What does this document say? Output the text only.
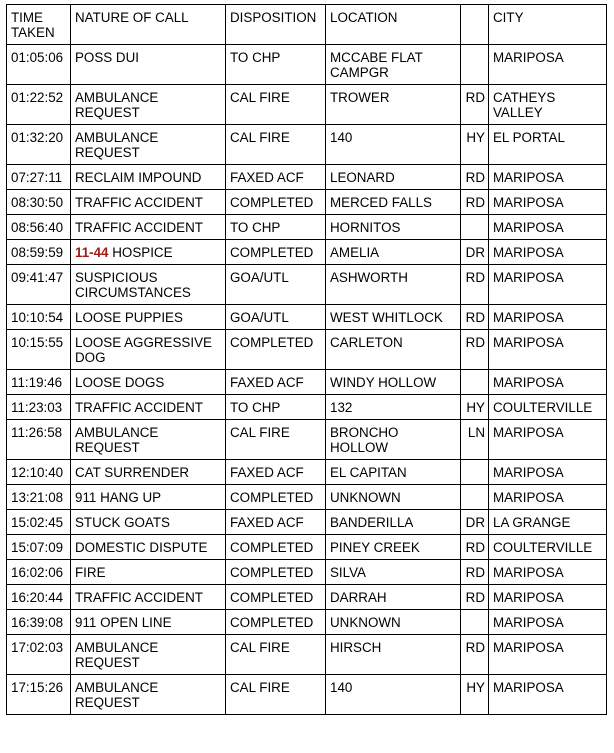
TIME TAKEN	NATURE OF CALL	DISPOSITION	LOCATION		CITY
01:05:06	POSS DUI	TO CHP	MCCABE FLAT CAMPGR		MARIPOSA
01:22:52	AMBULANCE REQUEST	CAL FIRE	TROWER	RD	CATHEYS VALLEY
01:32:20	AMBULANCE REQUEST	CAL FIRE	140	HY	EL PORTAL
07:27:11	RECLAIM IMPOUND	FAXED ACF	LEONARD	RD	MARIPOSA
08:30:50	TRAFFIC ACCIDENT	COMPLETED	MERCED FALLS	RD	MARIPOSA
08:56:40	TRAFFIC ACCIDENT	TO CHP	HORNITOS		MARIPOSA
08:59:59	11-44 HOSPICE	COMPLETED	AMELIA	DR	MARIPOSA
09:41:47	SUSPICIOUS CIRCUMSTANCES	GOA/UTL	ASHWORTH	RD	MARIPOSA
10:10:54	LOOSE PUPPIES	GOA/UTL	WEST WHITLOCK	RD	MARIPOSA
10:15:55	LOOSE AGGRESSIVE DOG	COMPLETED	CARLETON	RD	MARIPOSA
11:19:46	LOOSE DOGS	FAXED ACF	WINDY HOLLOW		MARIPOSA
11:23:03	TRAFFIC ACCIDENT	TO CHP	132	HY	COULTERVILLE
11:26:58	AMBULANCE REQUEST	CAL FIRE	BRONCHO HOLLOW	LN	MARIPOSA
12:10:40	CAT SURRENDER	FAXED ACF	EL CAPITAN		MARIPOSA
13:21:08	911 HANG UP	COMPLETED	UNKNOWN		MARIPOSA
15:02:45	STUCK GOATS	FAXED ACF	BANDERILLA	DR	LA GRANGE
15:07:09	DOMESTIC DISPUTE	COMPLETED	PINEY CREEK	RD	COULTERVILLE
16:02:06	FIRE	COMPLETED	SILVA	RD	MARIPOSA
16:20:44	TRAFFIC ACCIDENT	COMPLETED	DARRAH	RD	MARIPOSA
16:39:08	911 OPEN LINE	COMPLETED	UNKNOWN		MARIPOSA
17:02:03	AMBULANCE REQUEST	CAL FIRE	HIRSCH	RD	MARIPOSA
17:15:26	AMBULANCE REQUEST	CAL FIRE	140	HY	MARIPOSA
